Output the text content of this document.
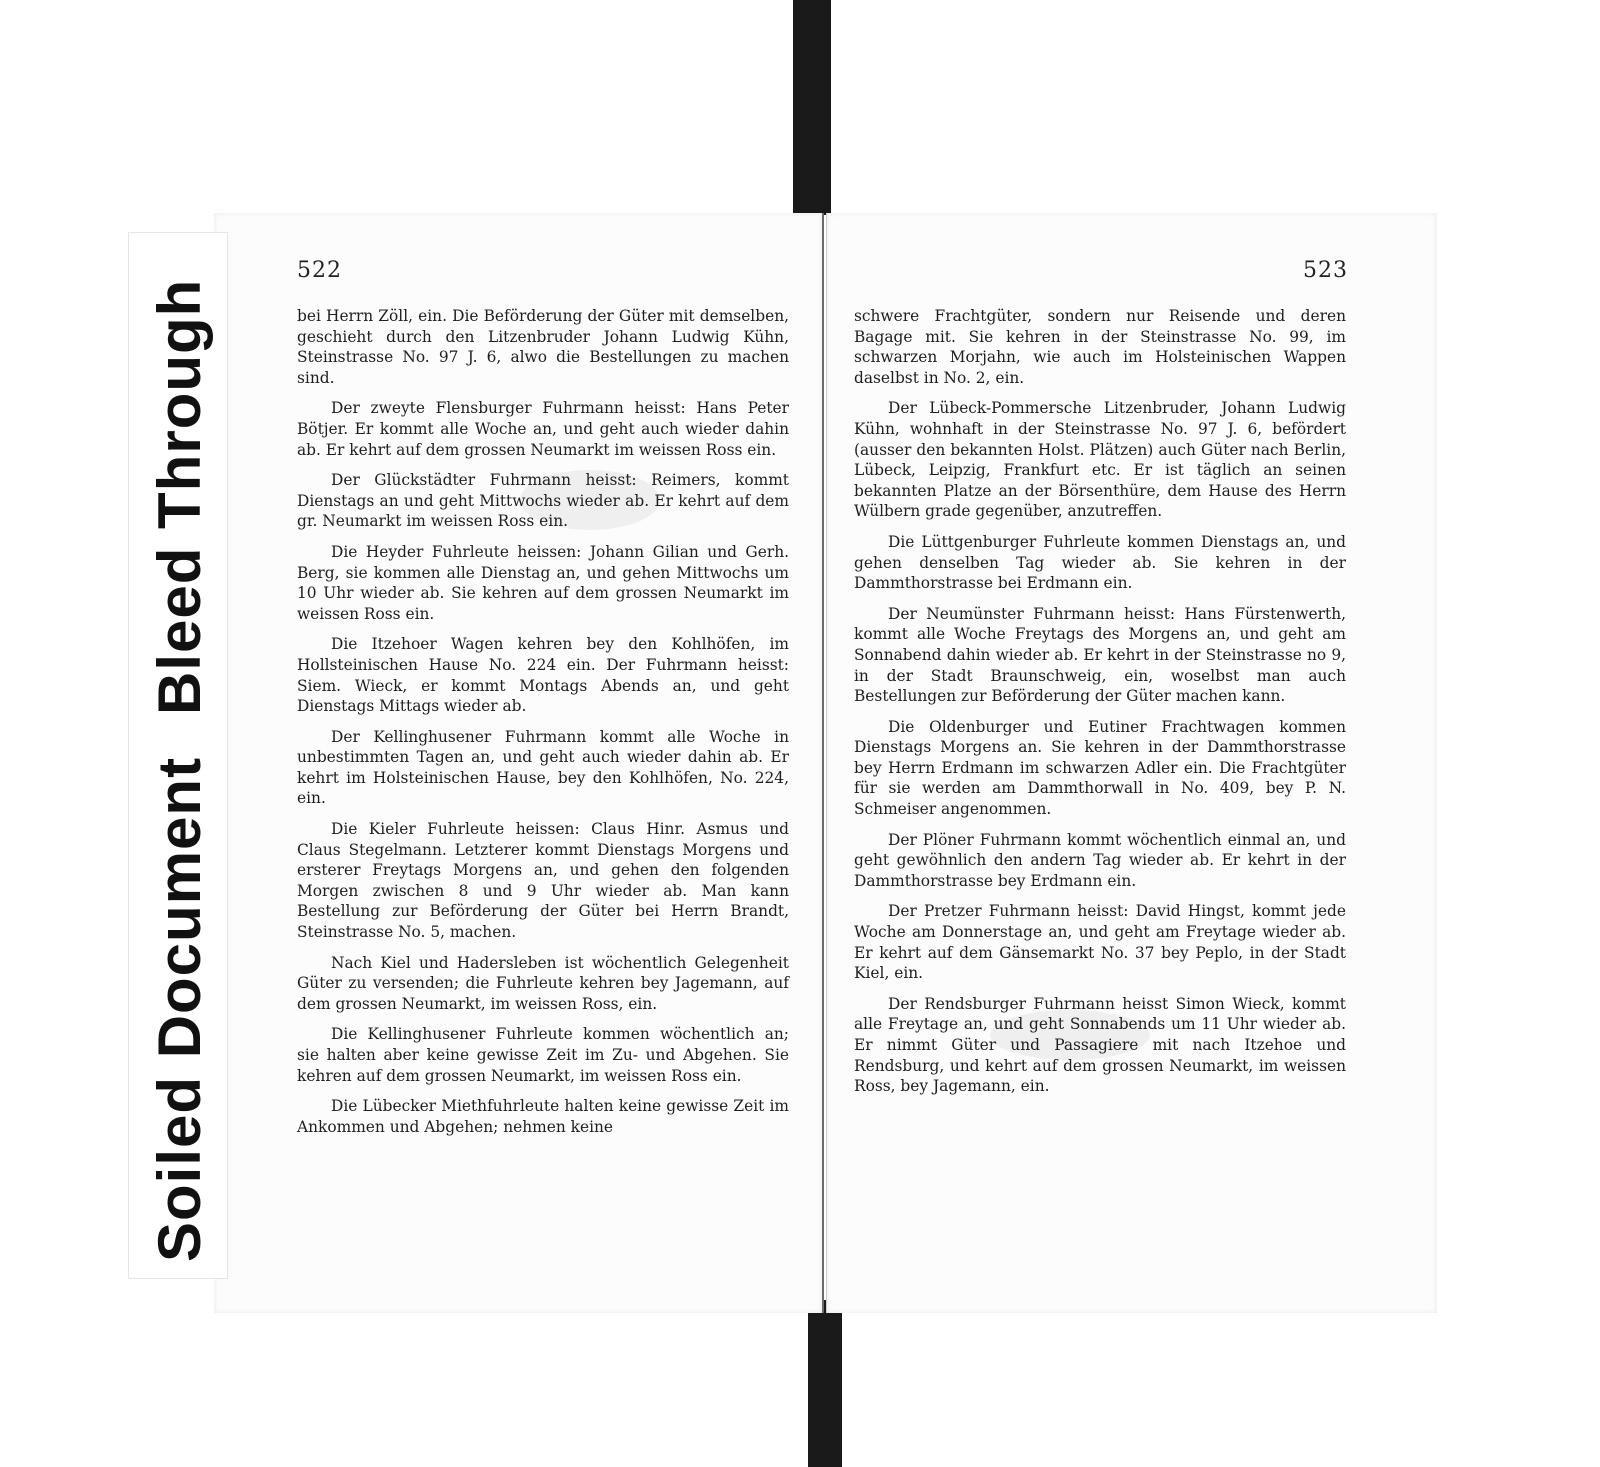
Bleed Through
Soiled Document
522	523

bei Herrn Zöll, ein. Die Beförderung der Güter mit demselben, geschieht durch den Litzenbruder Johann Ludwig Kühn, Steinstrasse No. 97 J. 6, alwo die Bestellungen zu machen sind.

Der zweyte Flensburger Fuhrmann heisst: Hans Peter Bötjer. Er kommt alle Woche an, und geht auch wieder dahin ab. Er kehrt auf dem grossen Neumarkt im weissen Ross ein.

Der Glückstädter Fuhrmann heisst: Reimers, kommt Dienstags an und geht Mittwochs wieder ab. Er kehrt auf dem gr. Neumarkt im weissen Ross ein.

Die Heyder Fuhrleute heissen: Johann Gilian und Gerh. Berg, sie kommen alle Dienstag an, und gehen Mittwochs um 10 Uhr wieder ab. Sie kehren auf dem grossen Neumarkt im weissen Ross ein.

Die Itzehoer Wagen kehren bey den Kohlhöfen, im Hollsteinischen Hause No. 224 ein. Der Fuhrmann heisst: Siem. Wieck, er kommt Montags Abends an, und geht Dienstags Mittags wieder ab.

Der Kellinghusener Fuhrmann kommt alle Woche in unbestimmten Tagen an, und geht auch wieder dahin ab. Er kehrt im Holsteinischen Hause, bey den Kohlhöfen, No. 224, ein.

Die Kieler Fuhrleute heissen: Claus Hinr. Asmus und Claus Stegelmann. Letzterer kommt Dienstags Morgens und ersterer Freytags Morgens an, und gehen den folgenden Morgen zwischen 8 und 9 Uhr wieder ab. Man kann Bestellung zur Beförderung der Güter bei Herrn Brandt, Steinstrasse No. 5, machen.

Nach Kiel und Hadersleben ist wöchentlich Gelegenheit Güter zu versenden; die Fuhrleute kehren bey Jagemann, auf dem grossen Neumarkt, im weissen Ross, ein.

Die Kellinghusener Fuhrleute kommen wöchentlich an; sie halten aber keine gewisse Zeit im Zu- und Abgehen. Sie kehren auf dem grossen Neumarkt, im weissen Ross ein.

Die Lübecker Miethfuhrleute halten keine gewisse Zeit im Ankommen und Abgehen; nehmen keine

schwere Frachtgüter, sondern nur Reisende und deren Bagage mit. Sie kehren in der Steinstrasse No. 99, im schwarzen Morjahn, wie auch im Holsteinischen Wappen daselbst in No. 2, ein.

Der Lübeck-Pommersche Litzenbruder, Johann Ludwig Kühn, wohnhaft in der Steinstrasse No. 97 J. 6, befördert (ausser den bekannten Holst. Plätzen) auch Güter nach Berlin, Lübeck, Leipzig, Frankfurt etc. Er ist täglich an seinen bekannten Platze an der Börsenthüre, dem Hause des Herrn Wülbern grade gegenüber, anzutreffen.

Die Lüttgenburger Fuhrleute kommen Dienstags an, und gehen denselben Tag wieder ab. Sie kehren in der Dammthorstrasse bei Erdmann ein.

Der Neumünster Fuhrmann heisst: Hans Fürstenwerth, kommt alle Woche Freytags des Morgens an, und geht am Sonnabend dahin wieder ab. Er kehrt in der Steinstrasse no 9, in der Stadt Braunschweig, ein, woselbst man auch Bestellungen zur Beförderung der Güter machen kann.

Die Oldenburger und Eutiner Frachtwagen kommen Dienstags Morgens an. Sie kehren in der Dammthorstrasse bey Herrn Erdmann im schwarzen Adler ein. Die Frachtgüter für sie werden am Dammthorwall in No. 409, bey P. N. Schmeiser angenommen.

Der Plöner Fuhrmann kommt wöchentlich einmal an, und geht gewöhnlich den andern Tag wieder ab. Er kehrt in der Dammthorstrasse bey Erdmann ein.

Der Pretzer Fuhrmann heisst: David Hingst, kommt jede Woche am Donnerstage an, und geht am Freytage wieder ab. Er kehrt auf dem Gänsemarkt No. 37 bey Peplo, in der Stadt Kiel, ein.

Der Rendsburger Fuhrmann heisst Simon Wieck, kommt alle Freytage an, und geht Sonnabends um 11 Uhr wieder ab. Er nimmt Güter und Passagiere mit nach Itzehoe und Rendsburg, und kehrt auf dem grossen Neumarkt, im weissen Ross, bey Jagemann, ein.
